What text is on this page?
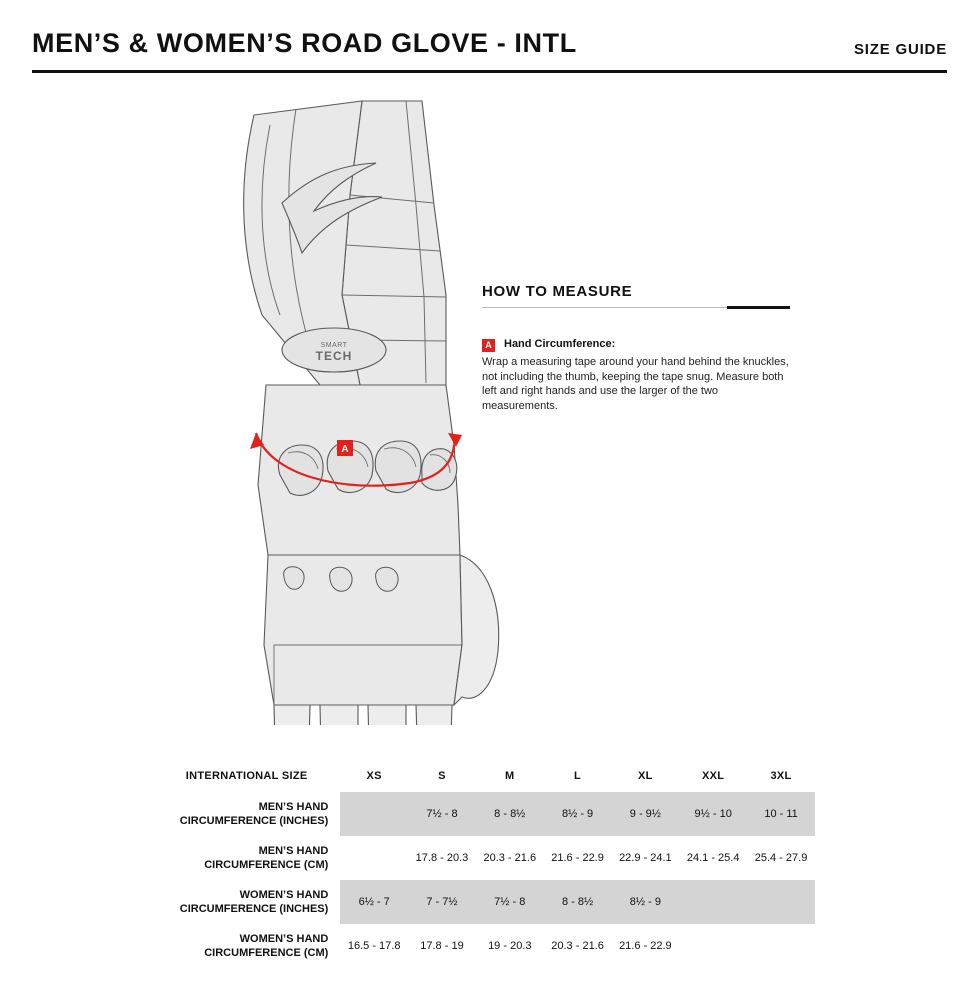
MEN’S & WOMEN’S ROAD GLOVE - INTL	SIZE GUIDE
SMART
TECH
A
HOW TO MEASURE
A Hand Circumference:

Wrap a measuring tape around your hand behind the knuckles, not including the thumb, keeping the tape snug. Measure both left and right hands and use the larger of the two measurements.

INTERNATIONAL SIZE	XS	S	M	L	XL	XXL	3XL

MEN’S HAND
CIRCUMFERENCE (INCHES)		7½ - 8	8 - 8½	8½ - 9	9 - 9½	9½ - 10	10 - 11

MEN’S HAND
CIRCUMFERENCE (CM)		17.8 - 20.3	20.3 - 21.6	21.6 - 22.9	22.9 - 24.1	24.1 - 25.4	25.4 - 27.9

WOMEN’S HAND
CIRCUMFERENCE (INCHES)	6½ - 7	7 - 7½	7½ - 8	8 - 8½	8½ - 9		

WOMEN’S HAND
CIRCUMFERENCE (CM)	16.5 - 17.8	17.8 - 19	19 - 20.3	20.3 - 21.6	21.6 - 22.9		
